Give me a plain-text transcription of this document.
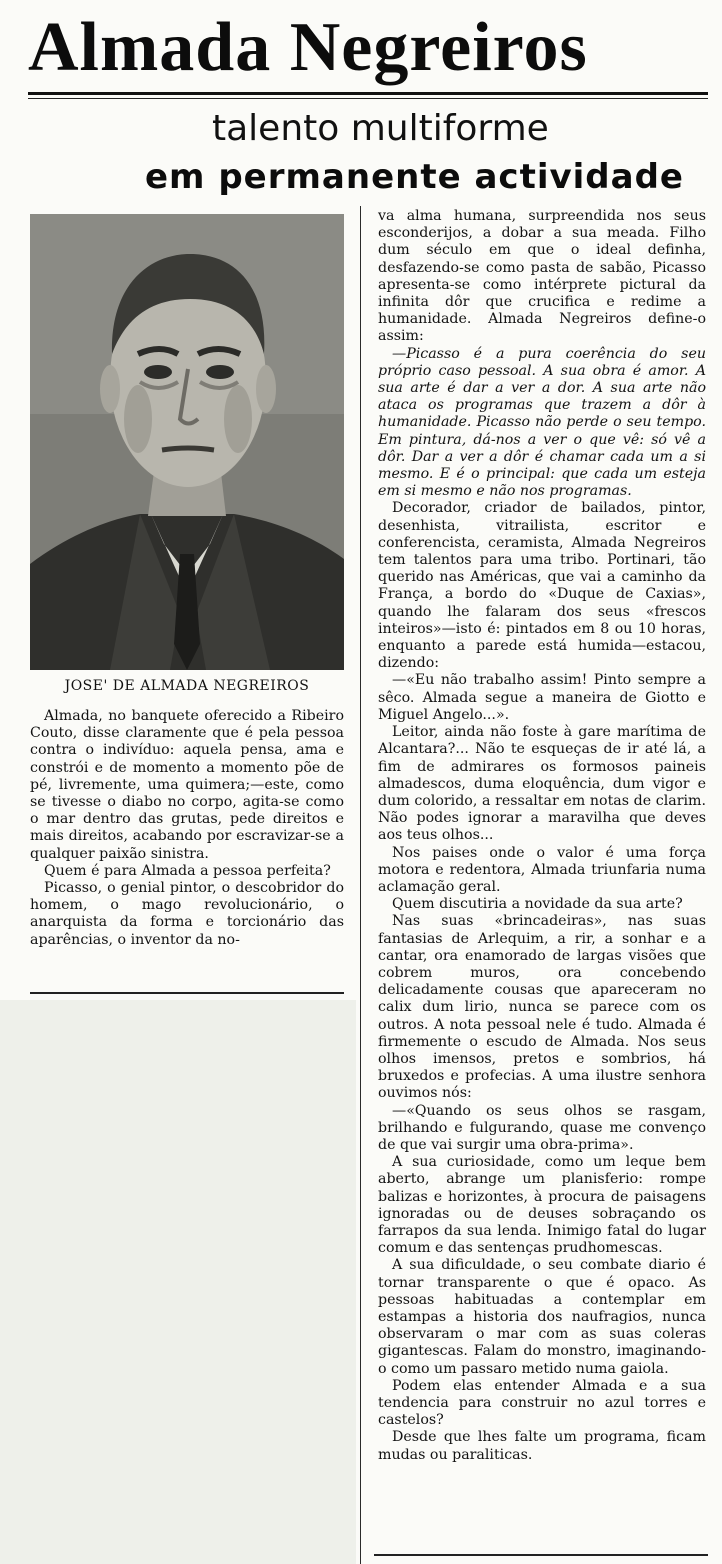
Almada Negreiros
talento multiforme
em permanente actividade
JOSE' DE ALMADA NEGREIROS

Almada, no banquete oferecido a Ribeiro Couto, disse claramente que é pela pessoa contra o indivíduo: aquela pensa, ama e constrói e de momento a momento põe de pé, livremente, uma quimera;—este, como se tivesse o diabo no corpo, agita-se como o mar dentro das grutas, pede direitos e mais direitos, acabando por escravizar-se a qualquer paixão sinistra.

Quem é para Almada a pessoa perfeita?

Picasso, o genial pintor, o descobridor do homem, o mago revolucionário, o anarquista da forma e torcionário das aparências, o inventor da no-

va alma humana, surpreendida nos seus esconderijos, a dobar a sua meada. Filho dum século em que o ideal definha, desfazendo-se como pasta de sabão, Picasso apresenta-se como intérprete pictural da infinita dôr que crucifica e redime a humanidade. Almada Negreiros define-o assim:

—Picasso é a pura coerência do seu próprio caso pessoal. A sua obra é amor. A sua arte é dar a ver a dor. A sua arte não ataca os programas que trazem a dôr à humanidade. Picasso não perde o seu tempo. Em pintura, dá-nos a ver o que vê: só vê a dôr. Dar a ver a dôr é chamar cada um a si mesmo. E é o principal: que cada um esteja em si mesmo e não nos programas.

Decorador, criador de bailados, pintor, desenhista, vitrailista, escritor e conferencista, ceramista, Almada Negreiros tem talentos para uma tribo. Portinari, tão querido nas Américas, que vai a caminho da França, a bordo do «Duque de Caxias», quando lhe falaram dos seus «frescos inteiros»—isto é: pintados em 8 ou 10 horas, enquanto a parede está humida—estacou, dizendo:

—«Eu não trabalho assim! Pinto sempre a sêco. Almada segue a maneira de Giotto e Miguel Angelo...».

Leitor, ainda não foste à gare marítima de Alcantara?... Não te esqueças de ir até lá, a fim de admirares os formosos paineis almadescos, duma eloquência, dum vigor e dum colorido, a ressaltar em notas de clarim. Não podes ignorar a maravilha que deves aos teus olhos...

Nos paises onde o valor é uma força motora e redentora, Almada triunfaria numa aclamação geral.

Quem discutiria a novidade da sua arte?

Nas suas «brincadeiras», nas suas fantasias de Arlequim, a rir, a sonhar e a cantar, ora enamorado de largas visões que cobrem muros, ora concebendo delicadamente cousas que apareceram no calix dum lirio, nunca se parece com os outros. A nota pessoal nele é tudo. Almada é firmemente o escudo de Almada. Nos seus olhos imensos, pretos e sombrios, há bruxedos e profecias. A uma ilustre senhora ouvimos nós:

—«Quando os seus olhos se rasgam, brilhando e fulgurando, quase me convenço de que vai surgir uma obra-prima».

A sua curiosidade, como um leque bem aberto, abrange um planisferio: rompe balizas e horizontes, à procura de paisagens ignoradas ou de deuses sobraçando os farrapos da sua lenda. Inimigo fatal do lugar comum e das sentenças prudhomescas.

A sua dificuldade, o seu combate diario é tornar transparente o que é opaco. As pessoas habituadas a contemplar em estampas a historia dos naufragios, nunca observaram o mar com as suas coleras gigantescas. Falam do monstro, imaginando-o como um passaro metido numa gaiola.

Podem elas entender Almada e a sua tendencia para construir no azul torres e castelos?

Desde que lhes falte um programa, ficam mudas ou paraliticas.
